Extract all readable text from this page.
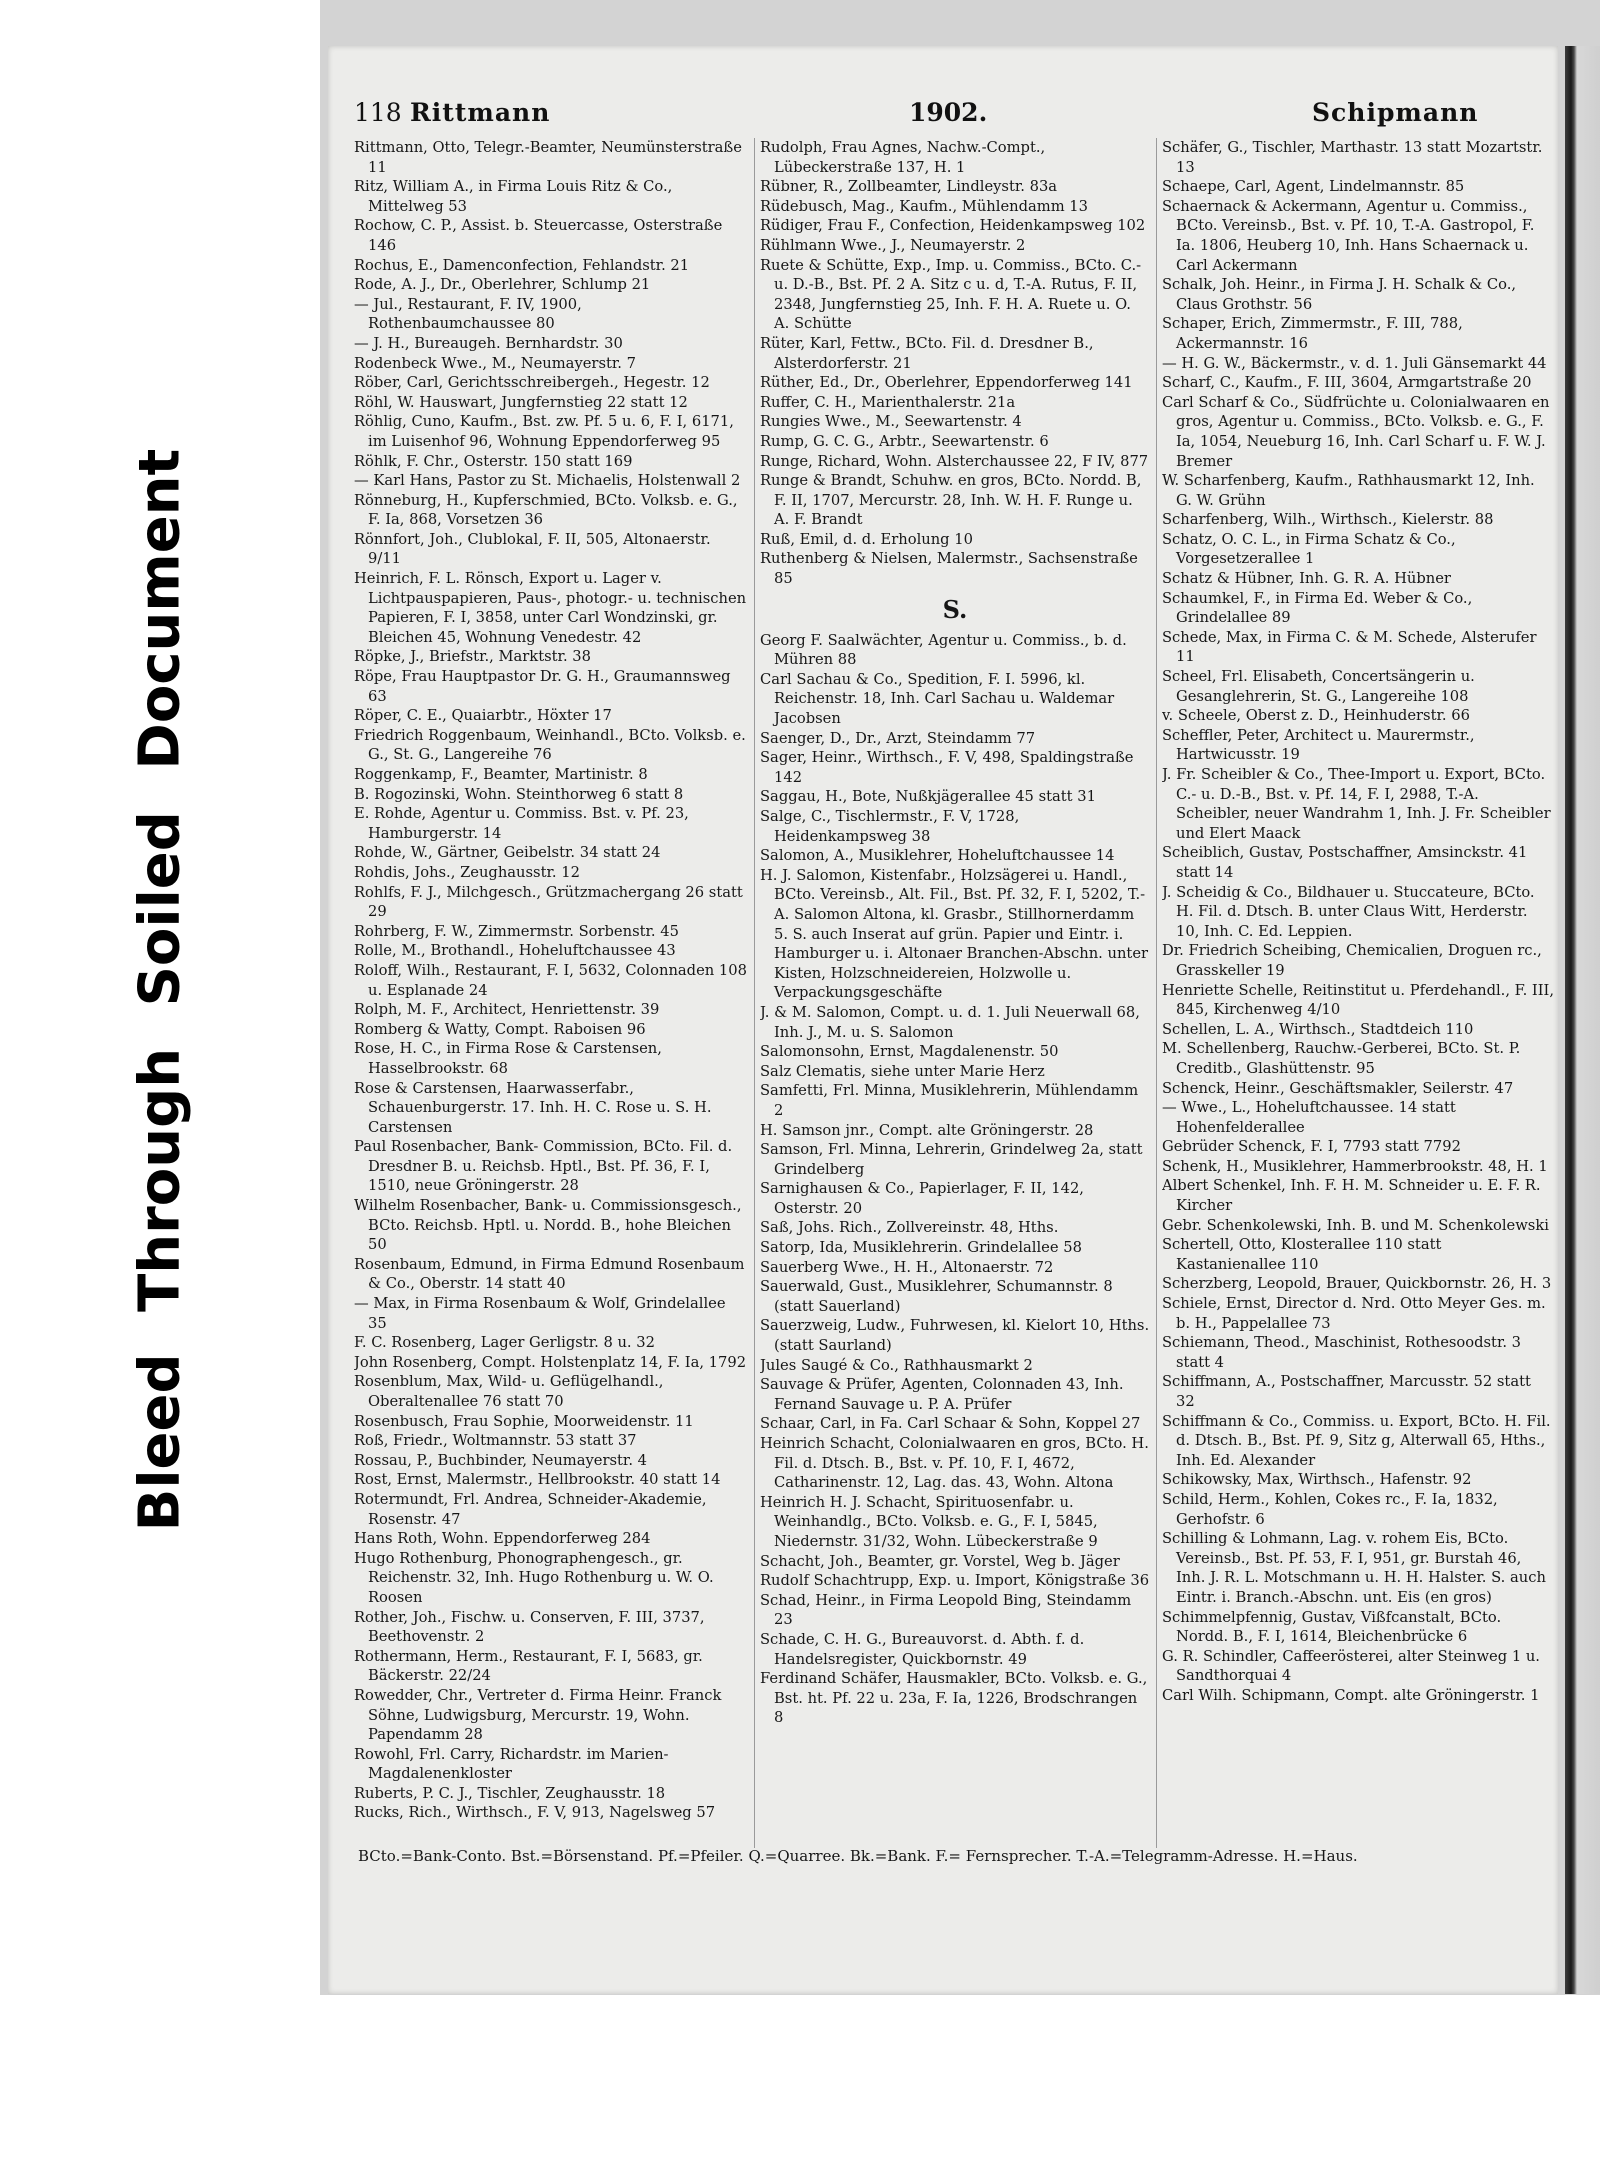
Bleed Through Soiled Document
118 Rittmann	1902.	Schipmann
Rittmann, Otto, Telegr.-Beamter, Neumünsterstraße 11
Ritz, William A., in Firma Louis Ritz & Co., Mittelweg 53
Rochow, C. P., Assist. b. Steuercasse, Osterstraße 146
Rochus, E., Damenconfection, Fehlandstr. 21
Rode, A. J., Dr., Oberlehrer, Schlump 21
— Jul., Restaurant, F. IV, 1900, Rothenbaumchaussee 80
— J. H., Bureaugeh. Bernhardstr. 30
Rodenbeck Wwe., M., Neumayerstr. 7
Röber, Carl, Gerichtsschreibergeh., Hegestr. 12
Röhl, W. Hauswart, Jungfernstieg 22 statt 12
Röhlig, Cuno, Kaufm., Bst. zw. Pf. 5 u. 6, F. I, 6171, im Luisenhof 96, Wohnung Eppendorferweg 95
Röhlk, F. Chr., Osterstr. 150 statt 169
— Karl Hans, Pastor zu St. Michaelis, Holstenwall 2
Rönneburg, H., Kupferschmied, BCto. Volksb. e. G., F. Ia, 868, Vorsetzen 36
Rönnfort, Joh., Clublokal, F. II, 505, Altonaerstr. 9/11
Heinrich, F. L. Rönsch, Export u. Lager v. Lichtpauspapieren, Paus-, photogr.- u. technischen Papieren, F. I, 3858, unter Carl Wondzinski, gr. Bleichen 45, Wohnung Venedestr. 42
Röpke, J., Briefstr., Marktstr. 38
Röpe, Frau Hauptpastor Dr. G. H., Graumannsweg 63
Röper, C. E., Quaiarbtr., Höxter 17
Friedrich Roggenbaum, Weinhandl., BCto. Volksb. e. G., St. G., Langereihe 76
Roggenkamp, F., Beamter, Martinistr. 8
B. Rogozinski, Wohn. Steinthorweg 6 statt 8
E. Rohde, Agentur u. Commiss. Bst. v. Pf. 23, Hamburgerstr. 14
Rohde, W., Gärtner, Geibelstr. 34 statt 24
Rohdis, Johs., Zeughausstr. 12
Rohlfs, F. J., Milchgesch., Grützmachergang 26 statt 29
Rohrberg, F. W., Zimmermstr. Sorbenstr. 45
Rolle, M., Brothandl., Hoheluftchaussee 43
Roloff, Wilh., Restaurant, F. I, 5632, Colonnaden 108 u. Esplanade 24
Rolph, M. F., Architect, Henriettenstr. 39
Romberg & Watty, Compt. Raboisen 96
Rose, H. C., in Firma Rose & Carstensen, Hasselbrookstr. 68
Rose & Carstensen, Haarwasserfabr., Schauenburgerstr. 17. Inh. H. C. Rose u. S. H. Carstensen
Paul Rosenbacher, Bank- Commission, BCto. Fil. d. Dresdner B. u. Reichsb. Hptl., Bst. Pf. 36, F. I, 1510, neue Gröningerstr. 28
Wilhelm Rosenbacher, Bank- u. Commissionsgesch., BCto. Reichsb. Hptl. u. Nordd. B., hohe Bleichen 50
Rosenbaum, Edmund, in Firma Edmund Rosenbaum & Co., Oberstr. 14 statt 40
— Max, in Firma Rosenbaum & Wolf, Grindelallee 35
F. C. Rosenberg, Lager Gerligstr. 8 u. 32
John Rosenberg, Compt. Holstenplatz 14, F. Ia, 1792
Rosenblum, Max, Wild- u. Geflügelhandl., Oberaltenallee 76 statt 70
Rosenbusch, Frau Sophie, Moorweidenstr. 11
Roß, Friedr., Woltmannstr. 53 statt 37
Rossau, P., Buchbinder, Neumayerstr. 4
Rost, Ernst, Malermstr., Hellbrookstr. 40 statt 14
Rotermundt, Frl. Andrea, Schneider-Akademie, Rosenstr. 47
Hans Roth, Wohn. Eppendorferweg 284
Hugo Rothenburg, Phonographengesch., gr. Reichenstr. 32, Inh. Hugo Rothenburg u. W. O. Roosen
Rother, Joh., Fischw. u. Conserven, F. III, 3737, Beethovenstr. 2
Rothermann, Herm., Restaurant, F. I, 5683, gr. Bäckerstr. 22/24
Rowedder, Chr., Vertreter d. Firma Heinr. Franck Söhne, Ludwigsburg, Mercurstr. 19, Wohn. Papendamm 28
Rowohl, Frl. Carry, Richardstr. im Marien-Magdalenenkloster
Ruberts, P. C. J., Tischler, Zeughausstr. 18
Rucks, Rich., Wirthsch., F. V, 913, Nagelsweg 57
Rudolph, Frau Agnes, Nachw.-Compt., Lübeckerstraße 137, H. 1
Rübner, R., Zollbeamter, Lindleystr. 83a
Rüdebusch, Mag., Kaufm., Mühlendamm 13
Rüdiger, Frau F., Confection, Heidenkampsweg 102
Rühlmann Wwe., J., Neumayerstr. 2
Ruete & Schütte, Exp., Imp. u. Commiss., BCto. C.- u. D.-B., Bst. Pf. 2 A. Sitz c u. d, T.-A. Rutus, F. II, 2348, Jungfernstieg 25, Inh. F. H. A. Ruete u. O. A. Schütte
Rüter, Karl, Fettw., BCto. Fil. d. Dresdner B., Alsterdorferstr. 21
Rüther, Ed., Dr., Oberlehrer, Eppendorferweg 141
Ruffer, C. H., Marienthalerstr. 21a
Rungies Wwe., M., Seewartenstr. 4
Rump, G. C. G., Arbtr., Seewartenstr. 6
Runge, Richard, Wohn. Alsterchaussee 22, F IV, 877
Runge & Brandt, Schuhw. en gros, BCto. Nordd. B, F. II, 1707, Mercurstr. 28, Inh. W. H. F. Runge u. A. F. Brandt
Ruß, Emil, d. d. Erholung 10
Ruthenberg & Nielsen, Malermstr., Sachsenstraße 85
S.
Georg F. Saalwächter, Agentur u. Commiss., b. d. Mühren 88
Carl Sachau & Co., Spedition, F. I. 5996, kl. Reichenstr. 18, Inh. Carl Sachau u. Waldemar Jacobsen
Saenger, D., Dr., Arzt, Steindamm 77
Sager, Heinr., Wirthsch., F. V, 498, Spaldingstraße 142
Saggau, H., Bote, Nußkjägerallee 45 statt 31
Salge, C., Tischlermstr., F. V, 1728, Heidenkampsweg 38
Salomon, A., Musiklehrer, Hoheluftchaussee 14
H. J. Salomon, Kistenfabr., Holzsägerei u. Handl., BCto. Vereinsb., Alt. Fil., Bst. Pf. 32, F. I, 5202, T.-A. Salomon Altona, kl. Grasbr., Stillhornerdamm 5. S. auch Inserat auf grün. Papier und Eintr. i. Hamburger u. i. Altonaer Branchen-Abschn. unter Kisten, Holzschneidereien, Holzwolle u. Verpackungsgeschäfte
J. & M. Salomon, Compt. u. d. 1. Juli Neuerwall 68, Inh. J., M. u. S. Salomon
Salomonsohn, Ernst, Magdalenenstr. 50
Salz Clematis, siehe unter Marie Herz
Samfetti, Frl. Minna, Musiklehrerin, Mühlendamm 2
H. Samson jnr., Compt. alte Gröningerstr. 28
Samson, Frl. Minna, Lehrerin, Grindelweg 2a, statt Grindelberg
Sarnighausen & Co., Papierlager, F. II, 142, Osterstr. 20
Saß, Johs. Rich., Zollvereinstr. 48, Hths.
Satorp, Ida, Musiklehrerin. Grindelallee 58
Sauerberg Wwe., H. H., Altonaerstr. 72
Sauerwald, Gust., Musiklehrer, Schumannstr. 8 (statt Sauerland)
Sauerzweig, Ludw., Fuhrwesen, kl. Kielort 10, Hths. (statt Saurland)
Jules Saugé & Co., Rathhausmarkt 2
Sauvage & Prüfer, Agenten, Colonnaden 43, Inh. Fernand Sauvage u. P. A. Prüfer
Schaar, Carl, in Fa. Carl Schaar & Sohn, Koppel 27
Heinrich Schacht, Colonialwaaren en gros, BCto. H. Fil. d. Dtsch. B., Bst. v. Pf. 10, F. I, 4672, Catharinenstr. 12, Lag. das. 43, Wohn. Altona
Heinrich H. J. Schacht, Spirituosenfabr. u. Weinhandlg., BCto. Volksb. e. G., F. I, 5845, Niedernstr. 31/32, Wohn. Lübeckerstraße 9
Schacht, Joh., Beamter, gr. Vorstel, Weg b. Jäger
Rudolf Schachtrupp, Exp. u. Import, Königstraße 36
Schad, Heinr., in Firma Leopold Bing, Steindamm 23
Schade, C. H. G., Bureauvorst. d. Abth. f. d. Handelsregister, Quickbornstr. 49
Ferdinand Schäfer, Hausmakler, BCto. Volksb. e. G., Bst. ht. Pf. 22 u. 23a, F. Ia, 1226, Brodschrangen 8
Schäfer, G., Tischler, Marthastr. 13 statt Mozartstr. 13
Schaepe, Carl, Agent, Lindelmannstr. 85
Schaernack & Ackermann, Agentur u. Commiss., BCto. Vereinsb., Bst. v. Pf. 10, T.-A. Gastropol, F. Ia. 1806, Heuberg 10, Inh. Hans Schaernack u. Carl Ackermann
Schalk, Joh. Heinr., in Firma J. H. Schalk & Co., Claus Grothstr. 56
Schaper, Erich, Zimmermstr., F. III, 788, Ackermannstr. 16
— H. G. W., Bäckermstr., v. d. 1. Juli Gänsemarkt 44
Scharf, C., Kaufm., F. III, 3604, Armgartstraße 20
Carl Scharf & Co., Südfrüchte u. Colonialwaaren en gros, Agentur u. Commiss., BCto. Volksb. e. G., F. Ia, 1054, Neueburg 16, Inh. Carl Scharf u. F. W. J. Bremer
W. Scharfenberg, Kaufm., Rathhausmarkt 12, Inh. G. W. Grühn
Scharfenberg, Wilh., Wirthsch., Kielerstr. 88
Schatz, O. C. L., in Firma Schatz & Co., Vorgesetzerallee 1
Schatz & Hübner, Inh. G. R. A. Hübner
Schaumkel, F., in Firma Ed. Weber & Co., Grindelallee 89
Schede, Max, in Firma C. & M. Schede, Alsterufer 11
Scheel, Frl. Elisabeth, Concertsängerin u. Gesanglehrerin, St. G., Langereihe 108
v. Scheele, Oberst z. D., Heinhuderstr. 66
Scheffler, Peter, Architect u. Maurermstr., Hartwicusstr. 19
J. Fr. Scheibler & Co., Thee-Import u. Export, BCto. C.- u. D.-B., Bst. v. Pf. 14, F. I, 2988, T.-A. Scheibler, neuer Wandrahm 1, Inh. J. Fr. Scheibler und Elert Maack
Scheiblich, Gustav, Postschaffner, Amsinckstr. 41 statt 14
J. Scheidig & Co., Bildhauer u. Stuccateure, BCto. H. Fil. d. Dtsch. B. unter Claus Witt, Herderstr. 10, Inh. C. Ed. Leppien.
Dr. Friedrich Scheibing, Chemicalien, Droguen rc., Grasskeller 19
Henriette Schelle, Reitinstitut u. Pferdehandl., F. III, 845, Kirchenweg 4/10
Schellen, L. A., Wirthsch., Stadtdeich 110
M. Schellenberg, Rauchw.-Gerberei, BCto. St. P. Creditb., Glashüttenstr. 95
Schenck, Heinr., Geschäftsmakler, Seilerstr. 47
— Wwe., L., Hoheluftchaussee. 14 statt Hohenfelderallee
Gebrüder Schenck, F. I, 7793 statt 7792
Schenk, H., Musiklehrer, Hammerbrookstr. 48, H. 1
Albert Schenkel, Inh. F. H. M. Schneider u. E. F. R. Kircher
Gebr. Schenkolewski, Inh. B. und M. Schenkolewski
Schertell, Otto, Klosterallee 110 statt Kastanienallee 110
Scherzberg, Leopold, Brauer, Quickbornstr. 26, H. 3
Schiele, Ernst, Director d. Nrd. Otto Meyer Ges. m. b. H., Pappelallee 73
Schiemann, Theod., Maschinist, Rothesoodstr. 3 statt 4
Schiffmann, A., Postschaffner, Marcusstr. 52 statt 32
Schiffmann & Co., Commiss. u. Export, BCto. H. Fil. d. Dtsch. B., Bst. Pf. 9, Sitz g, Alterwall 65, Hths., Inh. Ed. Alexander
Schikowsky, Max, Wirthsch., Hafenstr. 92
Schild, Herm., Kohlen, Cokes rc., F. Ia, 1832, Gerhofstr. 6
Schilling & Lohmann, Lag. v. rohem Eis, BCto. Vereinsb., Bst. Pf. 53, F. I, 951, gr. Burstah 46, Inh. J. R. L. Motschmann u. H. H. Halster. S. auch Eintr. i. Branch.-Abschn. unt. Eis (en gros)
Schimmelpfennig, Gustav, Vißfcanstalt, BCto. Nordd. B., F. I, 1614, Bleichenbrücke 6
G. R. Schindler, Caffeerösterei, alter Steinweg 1 u. Sandthorquai 4
Carl Wilh. Schipmann, Compt. alte Gröningerstr. 1
BCto.=Bank-Conto. Bst.=Börsenstand. Pf.=Pfeiler. Q.=Quarree. Bk.=Bank. F.= Fernsprecher. T.-A.=Telegramm-Adresse. H.=Haus.
